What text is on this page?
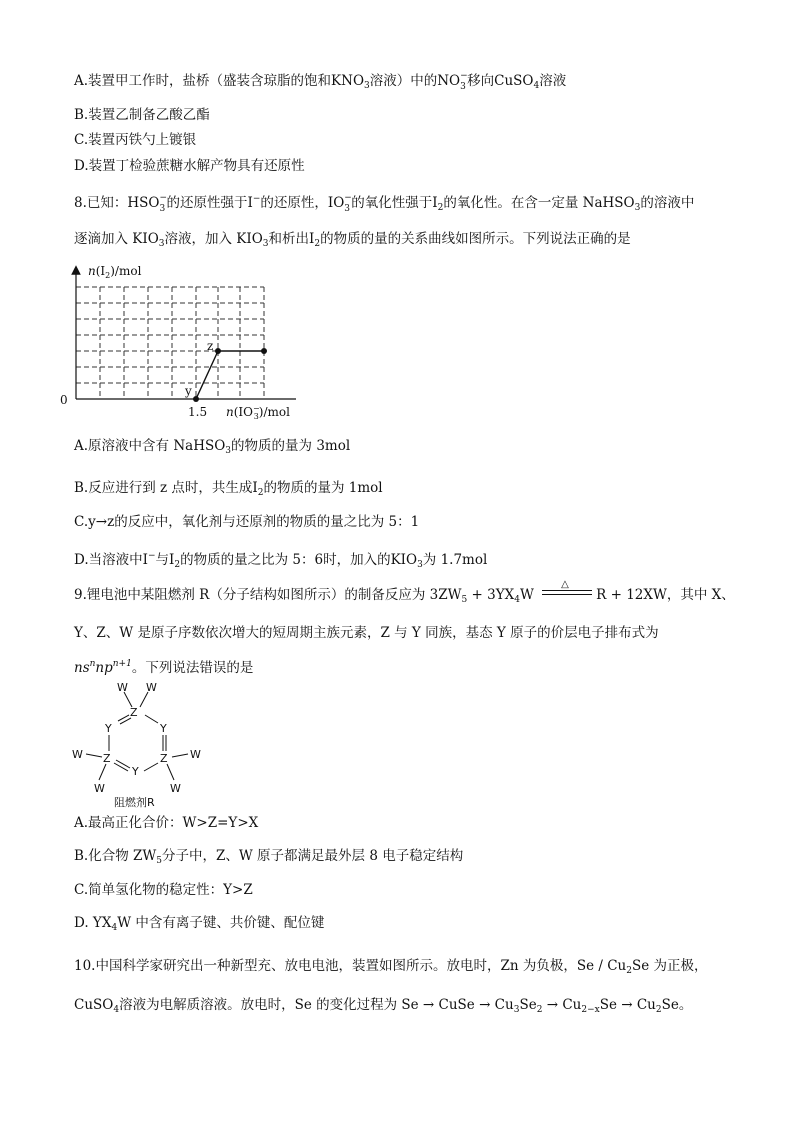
A.装置甲工作时，盐桥（盛装含琼脂的饱和$KNO_3$溶液）中的NO −
3 移向CuSO$_4$溶液
B.装置乙制备乙酸乙酯
C.装置丙铁勺上镀银
D.装置丁检验蔗糖水解产物具有还原性
8.已知：HSO −
3 的还原性强于I−的还原性，IO −
3 的氧化性强于$I_2$的氧化性。在含一定量 NaHSO$_3$的溶液中
逐滴加入 $KIO_3$溶液，加入 $KIO_3$和析出$I_2$的物质的量的关系曲线如图所示。下列说法正确的是
$n(I_2)$/mol
0
1.5 n(IO− 3)/mol
y
z
A.原溶液中含有 NaHSO$_3$的物质的量为 3mol
B.反应进行到 z 点时，共生成$I_2$的物质的量为 1mol
C.y→z的反应中，氧化剂与还原剂的物质的量之比为 5：1
D.当溶液中I−与$I_2$的物质的量之比为 5：6时，加入的$KIO_3$为 1.7mol
9.锂电池中某阻燃剂 R（分子结构如图所示）的制备反应为 $3ZW_5 + 3YX_4W$
△
R + 12XW，其中 X、
Y、Z、W 是原子序数依次增大的短周期主族元素，Z 与 Y 同族，基态 Y 原子的价层电子排布式为
$ns^nnp^{n+1}$。下列说法错误的是
W W
Z
Y	Y
W Z	Z W
Y
W	W
阻燃剂R
A.最高正化合价：W>Z=Y>X
B.化合物 $ZW_5$分子中，Z、W 原子都满足最外层 8 电子稳定结构
C.简单氢化物的稳定性：Y>Z
D. $YX_4W$ 中含有离子键、共价键、配位键
10.中国科学家研究出一种新型充、放电电池，装置如图所示。放电时，Zn 为负极，Se / $Cu_2Se$ 为正极，
CuSO$_4$溶液为电解质溶液。放电时，Se 的变化过程为 Se → CuSe → $Cu_3Se_2 \to Cu_{2-x}Se \to Cu_2Se$。
